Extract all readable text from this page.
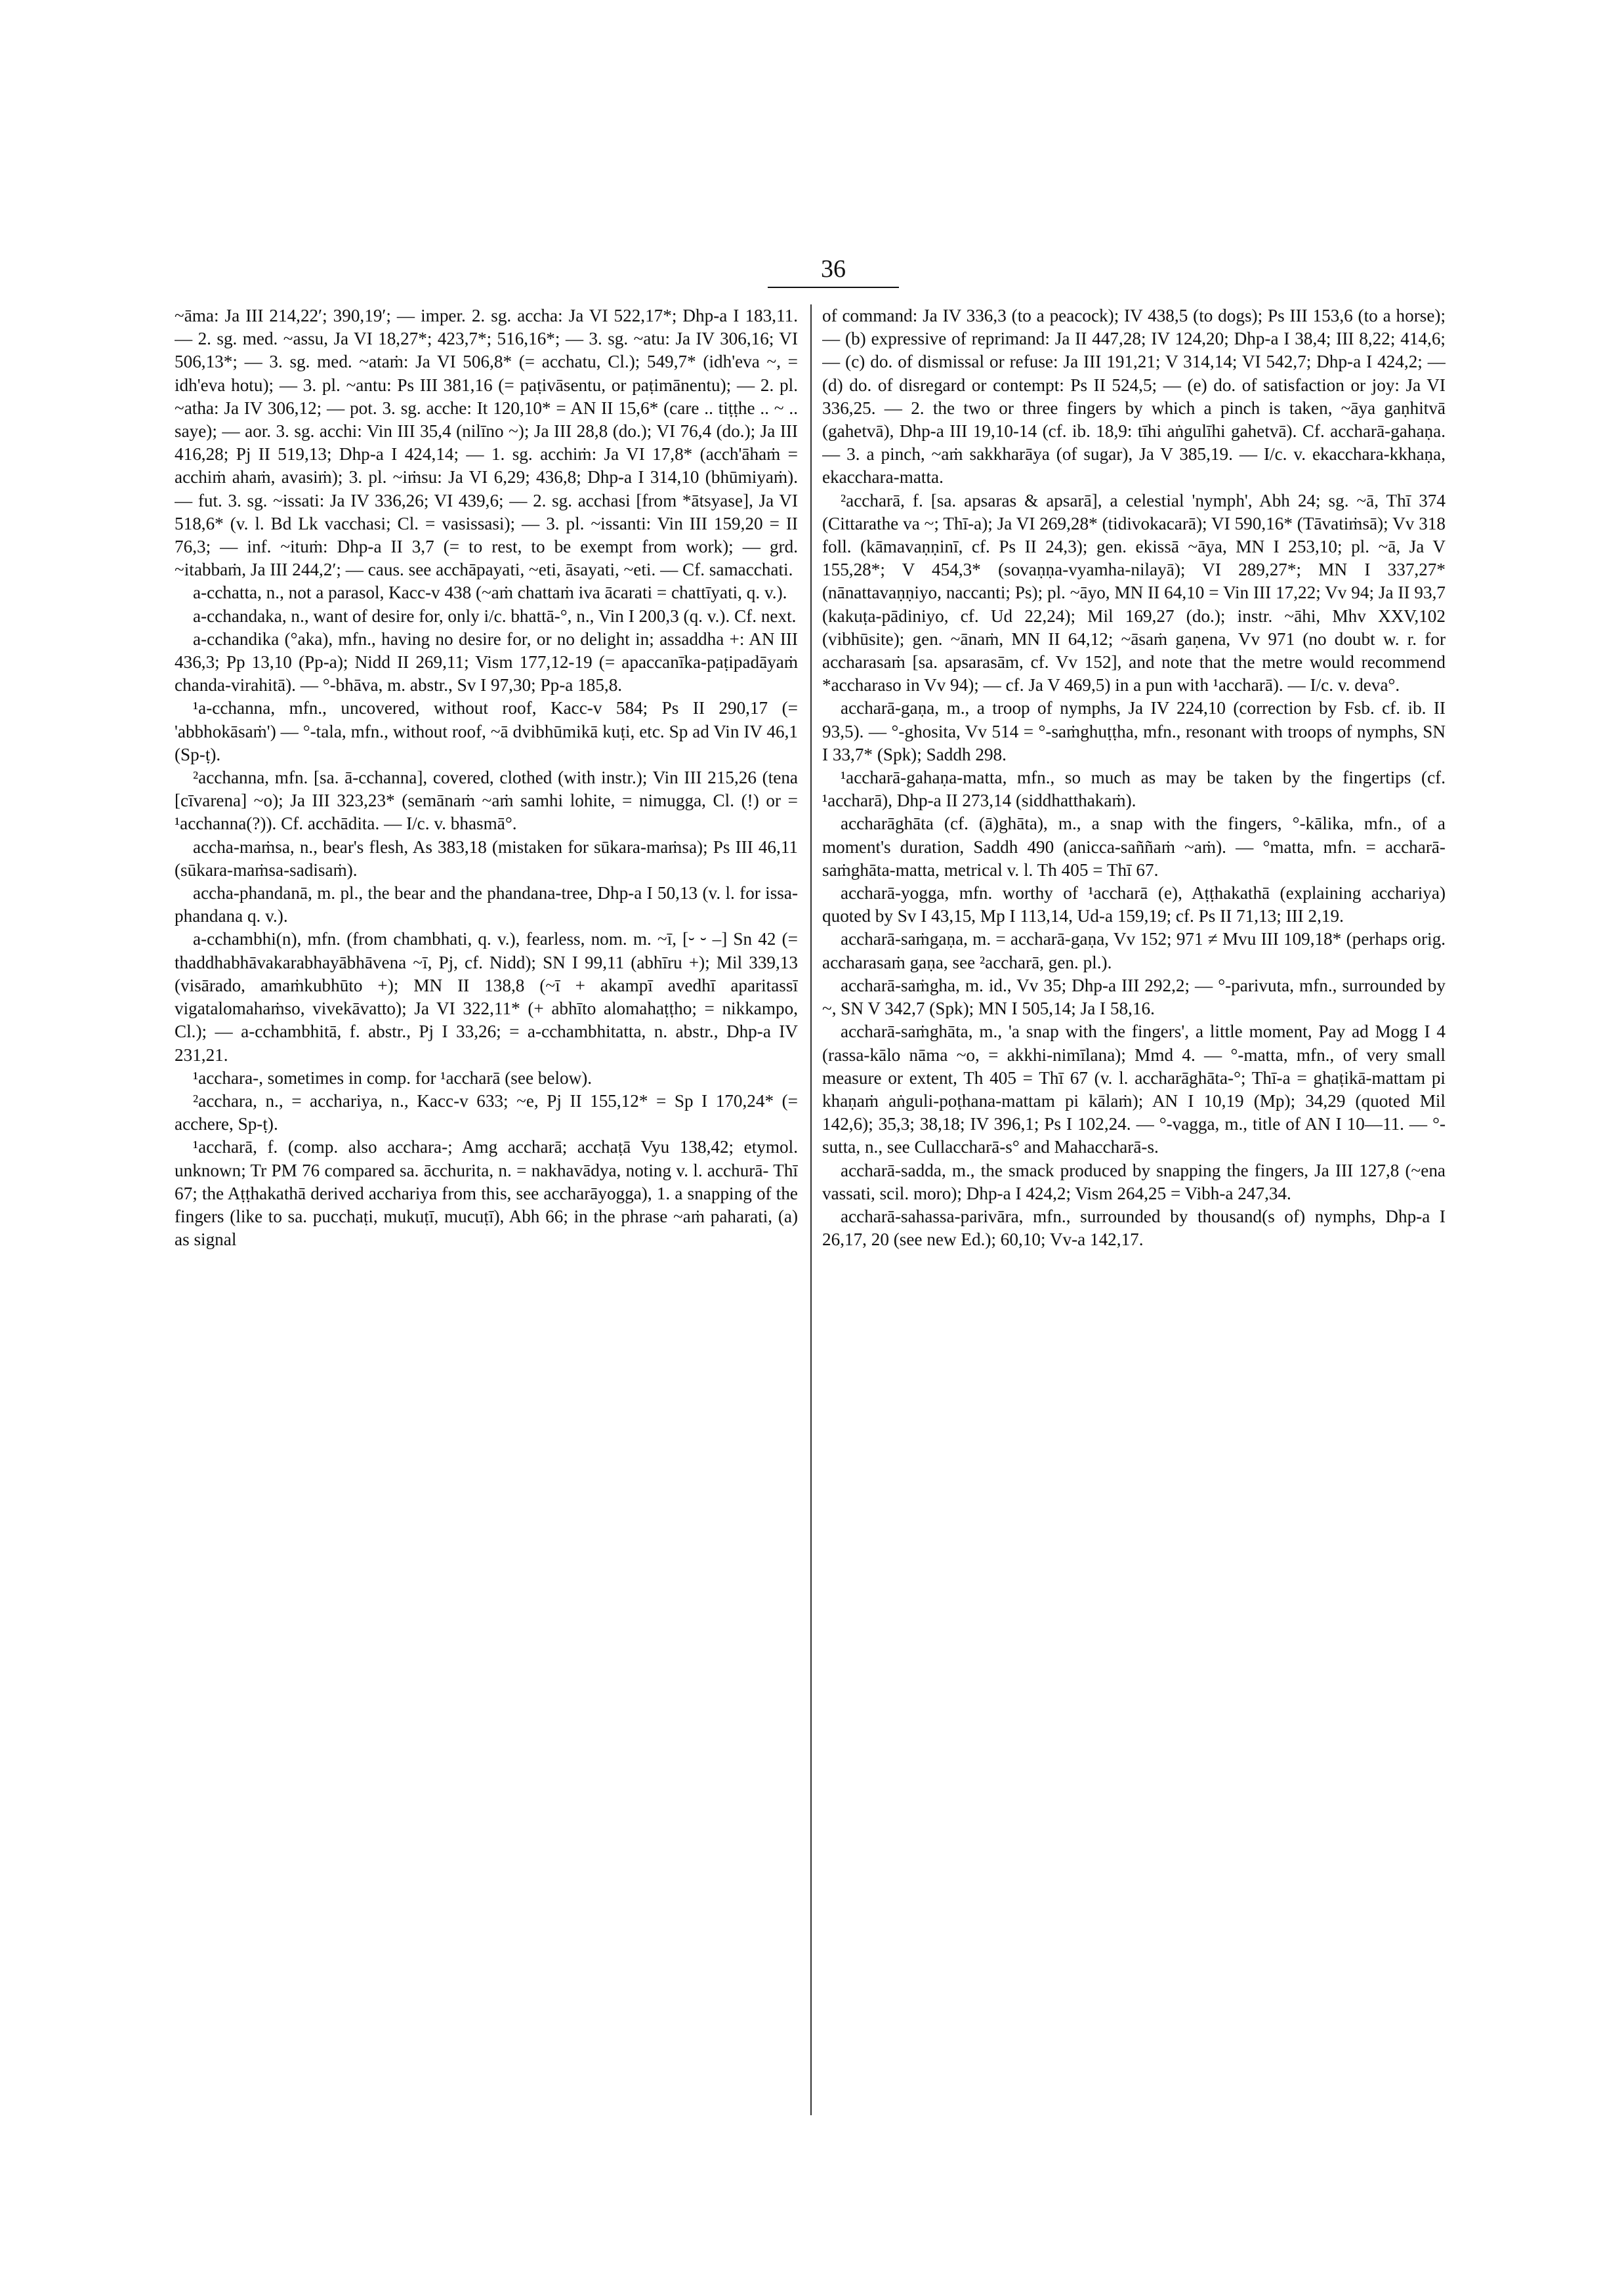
36

~āma: Ja III 214,22′; 390,19′; — imper. 2. sg. accha: Ja VI 522,17*; Dhp-a I 183,11. — 2. sg. med. ~assu, Ja VI 18,27*; 423,7*; 516,16*; — 3. sg. ~atu: Ja IV 306,16; VI 506,13*; — 3. sg. med. ~ataṁ: Ja VI 506,8* (= acchatu, Cl.); 549,7* (idh'eva ~, = idh'eva hotu); — 3. pl. ~antu: Ps III 381,16 (= paṭivāsentu, or paṭimānentu); — 2. pl. ~atha: Ja IV 306,12; — pot. 3. sg. acche: It 120,10* = AN II 15,6* (care .. tiṭṭhe .. ~ .. saye); — aor. 3. sg. acchi: Vin III 35,4 (nilīno ~); Ja III 28,8 (do.); VI 76,4 (do.); Ja III 416,28; Pj II 519,13; Dhp-a I 424,14; — 1. sg. acchiṁ: Ja VI 17,8* (acch'āhaṁ = acchiṁ ahaṁ, avasiṁ); 3. pl. ~iṁsu: Ja VI 6,29; 436,8; Dhp-a I 314,10 (bhūmiyaṁ). — fut. 3. sg. ~issati: Ja IV 336,26; VI 439,6; — 2. sg. acchasi [from *ātsyase], Ja VI 518,6* (v. l. Bd Lk vacchasi; Cl. = vasissasi); — 3. pl. ~issanti: Vin III 159,20 = II 76,3; — inf. ~ituṁ: Dhp-a II 3,7 (= to rest, to be exempt from work); — grd. ~itabbaṁ, Ja III 244,2′; — caus. see acchāpayati, ~eti, āsayati, ~eti. — Cf. samacchati.

a-cchatta, n., not a parasol, Kacc-v 438 (~aṁ chattaṁ iva ācarati = chattīyati, q. v.).

a-cchandaka, n., want of desire for, only i/c. bhattā-°, n., Vin I 200,3 (q. v.). Cf. next.

a-cchandika (°aka), mfn., having no desire for, or no delight in; assaddha +: AN III 436,3; Pp 13,10 (Pp-a); Nidd II 269,11; Vism 177,12-19 (= apaccanīka-paṭipadāyaṁ chanda-virahitā). — °-bhāva, m. abstr., Sv I 97,30; Pp-a 185,8.

¹a-cchanna, mfn., uncovered, without roof, Kacc-v 584; Ps II 290,17 (= 'abbhokāsaṁ') — °-tala, mfn., without roof, ~ā dvibhūmikā kuṭi, etc. Sp ad Vin IV 46,1 (Sp-ṭ).

²acchanna, mfn. [sa. ā-cchanna], covered, clothed (with instr.); Vin III 215,26 (tena [cīvarena] ~o); Ja III 323,23* (semānaṁ ~aṁ samhi lohite, = nimugga, Cl. (!) or = ¹acchanna(?)). Cf. acchādita. — I/c. v. bhasmā°.

accha-maṁsa, n., bear's flesh, As 383,18 (mistaken for sūkara-maṁsa); Ps III 46,11 (sūkara-maṁsa-sadisaṁ).

accha-phandanā, m. pl., the bear and the phandana-tree, Dhp-a I 50,13 (v. l. for issa-phandana q. v.).

a-cchambhi(n), mfn. (from chambhati, q. v.), fearless, nom. m. ~ī, [⏑ ⏑ –] Sn 42 (= thaddhabhāvakarabhayābhāvena ~ī, Pj, cf. Nidd); SN I 99,11 (abhīru +); Mil 339,13 (visārado, amaṁkubhūto +); MN II 138,8 (~ī + akampī avedhī aparitassī vigatalomahaṁso, vivekāvatto); Ja VI 322,11* (+ abhīto alomahaṭṭho; = nikkampo, Cl.); — a-cchambhitā, f. abstr., Pj I 33,26; = a-cchambhitatta, n. abstr., Dhp-a IV 231,21.

¹acchara-, sometimes in comp. for ¹accharā (see below).

²acchara, n., = acchariya, n., Kacc-v 633; ~e, Pj II 155,12* = Sp I 170,24* (= acchere, Sp-ṭ).

¹accharā, f. (comp. also acchara-; Amg accharā; acchaṭā Vyu 138,42; etymol. unknown; Tr PM 76 compared sa. ācchurita, n. = nakhavādya, noting v. l. acchurā- Thī 67; the Aṭṭhakathā derived acchariya from this, see accharāyogga), 1. a snapping of the fingers (like to sa. pucchaṭi, mukuṭī, mucuṭī), Abh 66; in the phrase ~aṁ paharati, (a) as signal

of command: Ja IV 336,3 (to a peacock); IV 438,5 (to dogs); Ps III 153,6 (to a horse); — (b) expressive of reprimand: Ja II 447,28; IV 124,20; Dhp-a I 38,4; III 8,22; 414,6; — (c) do. of dismissal or refuse: Ja III 191,21; V 314,14; VI 542,7; Dhp-a I 424,2; — (d) do. of disregard or contempt: Ps II 524,5; — (e) do. of satisfaction or joy: Ja VI 336,25. — 2. the two or three fingers by which a pinch is taken, ~āya gaṇhitvā (gahetvā), Dhp-a III 19,10-14 (cf. ib. 18,9: tīhi aṅgulīhi gahetvā). Cf. accharā-gahaṇa. — 3. a pinch, ~aṁ sakkharāya (of sugar), Ja V 385,19. — I/c. v. ekacchara-kkhaṇa, ekacchara-matta.

²accharā, f. [sa. apsaras & apsarā], a celestial 'nymph', Abh 24; sg. ~ā, Thī 374 (Cittarathe va ~; Thī-a); Ja VI 269,28* (tidivokacarā); VI 590,16* (Tāvatiṁsā); Vv 318 foll. (kāmavaṇṇinī, cf. Ps II 24,3); gen. ekissā ~āya, MN I 253,10; pl. ~ā, Ja V 155,28*; V 454,3* (sovaṇṇa-vyamha-nilayā); VI 289,27*; MN I 337,27* (nānattavaṇṇiyo, naccanti; Ps); pl. ~āyo, MN II 64,10 = Vin III 17,22; Vv 94; Ja II 93,7 (kakuṭa-pādiniyo, cf. Ud 22,24); Mil 169,27 (do.); instr. ~āhi, Mhv XXV,102 (vibhūsite); gen. ~ānaṁ, MN II 64,12; ~āsaṁ gaṇena, Vv 971 (no doubt w. r. for accharasaṁ [sa. apsarasām, cf. Vv 152], and note that the metre would recommend *accharaso in Vv 94); — cf. Ja V 469,5) in a pun with ¹accharā). — I/c. v. deva°.

accharā-gaṇa, m., a troop of nymphs, Ja IV 224,10 (correction by Fsb. cf. ib. II 93,5). — °-ghosita, Vv 514 = °-saṁghuṭṭha, mfn., resonant with troops of nymphs, SN I 33,7* (Spk); Saddh 298.

¹accharā-gahaṇa-matta, mfn., so much as may be taken by the fingertips (cf. ¹accharā), Dhp-a II 273,14 (siddhatthakaṁ).

accharāghāta (cf. (ā)ghāta), m., a snap with the fingers, °-kālika, mfn., of a moment's duration, Saddh 490 (anicca-saññaṁ ~aṁ). — °matta, mfn. = accharā-saṁghāta-matta, metrical v. l. Th 405 = Thī 67.

accharā-yogga, mfn. worthy of ¹accharā (e), Aṭṭhakathā (explaining acchariya) quoted by Sv I 43,15, Mp I 113,14, Ud-a 159,19; cf. Ps II 71,13; III 2,19.

accharā-saṁgaṇa, m. = accharā-gaṇa, Vv 152; 971 ≠ Mvu III 109,18* (perhaps orig. accharasaṁ gaṇa, see ²accharā, gen. pl.).

accharā-saṁgha, m. id., Vv 35; Dhp-a III 292,2; — °-parivuta, mfn., surrounded by ~, SN V 342,7 (Spk); MN I 505,14; Ja I 58,16.

accharā-saṁghāta, m., 'a snap with the fingers', a little moment, Pay ad Mogg I 4 (rassa-kālo nāma ~o, = akkhi-nimīlana); Mmd 4. — °-matta, mfn., of very small measure or extent, Th 405 = Thī 67 (v. l. accharāghāta-°; Thī-a = ghaṭikā-mattam pi khaṇaṁ aṅguli-poṭhana-mattam pi kālaṁ); AN I 10,19 (Mp); 34,29 (quoted Mil 142,6); 35,3; 38,18; IV 396,1; Ps I 102,24. — °-vagga, m., title of AN I 10—11. — °-sutta, n., see Cullaccharā-s° and Mahaccharā-s.

accharā-sadda, m., the smack produced by snapping the fingers, Ja III 127,8 (~ena vassati, scil. moro); Dhp-a I 424,2; Vism 264,25 = Vibh-a 247,34.

accharā-sahassa-parivāra, mfn., surrounded by thousand(s of) nymphs, Dhp-a I 26,17, 20 (see new Ed.); 60,10; Vv-a 142,17.
